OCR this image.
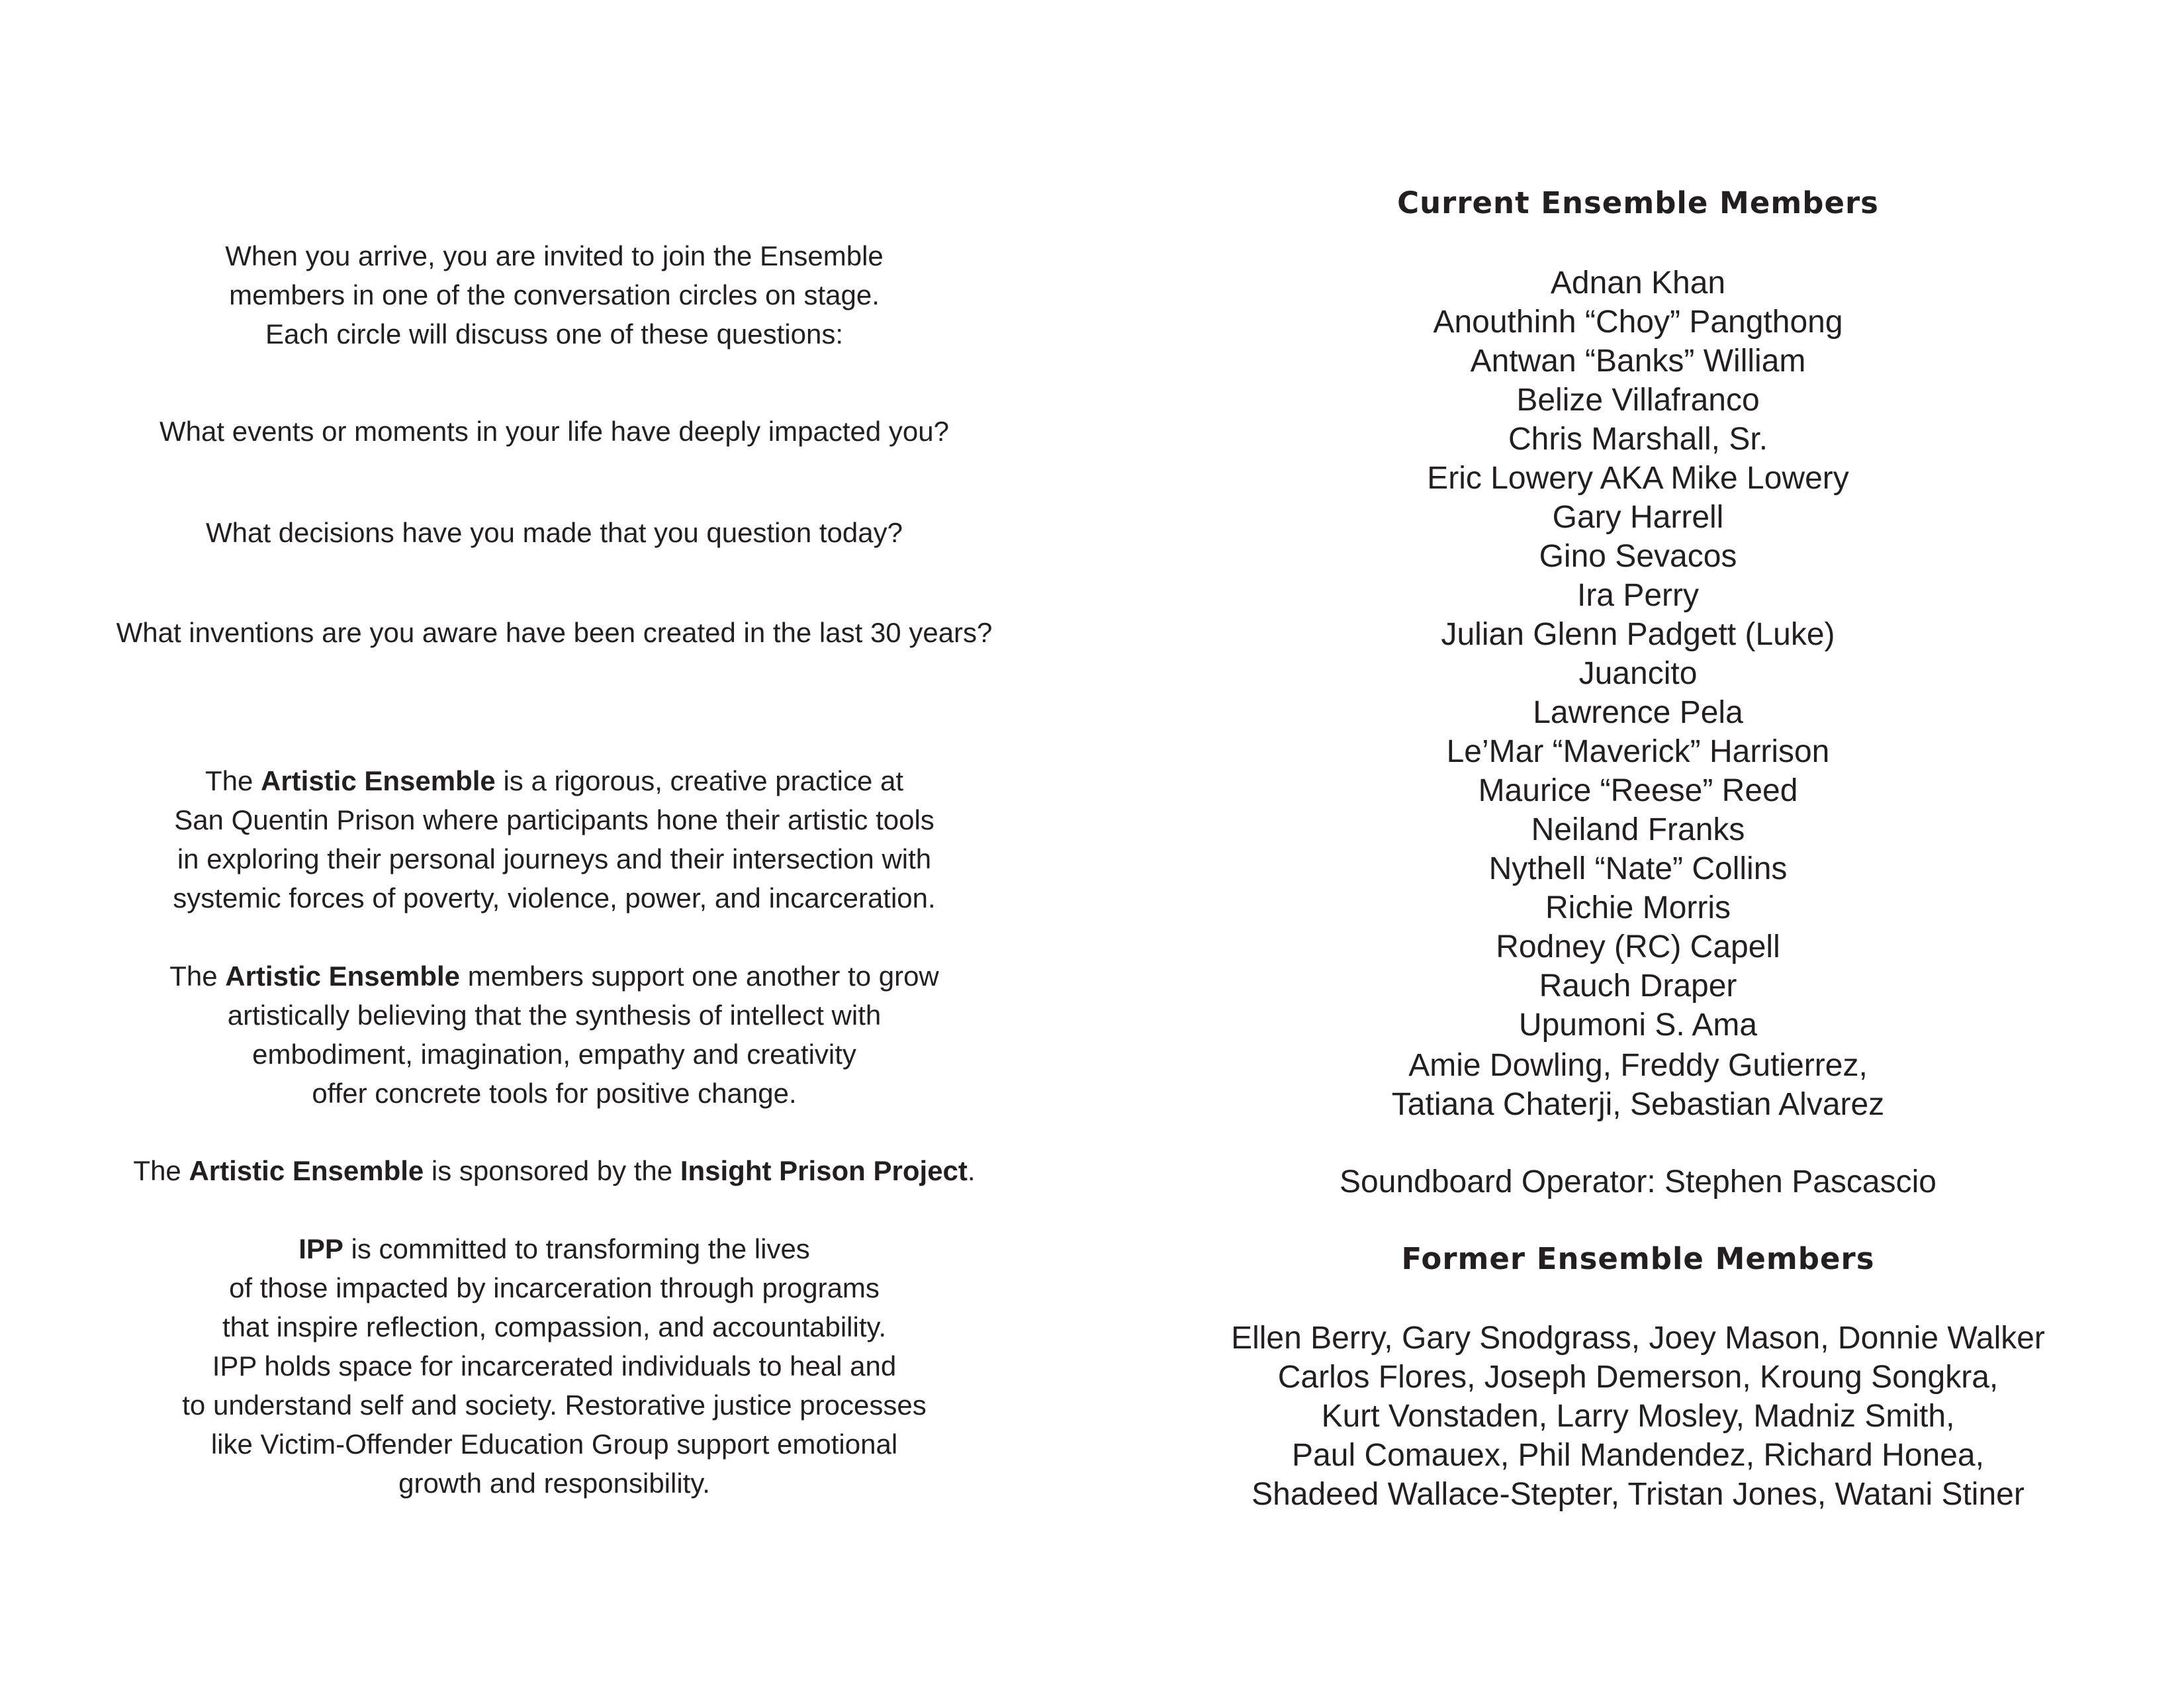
When you arrive, you are invited to join the Ensemble
members in one of the conversation circles on stage.
Each circle will discuss one of these questions:

What events or moments in your life have deeply impacted you?

What decisions have you made that you question today?

What inventions are you aware have been created in the last 30 years?

The Artistic Ensemble is a rigorous, creative practice at
San Quentin Prison where participants hone their artistic tools
in exploring their personal journeys and their intersection with
systemic forces of poverty, violence, power, and incarceration.
The Artistic Ensemble members support one another to grow
artistically believing that the synthesis of intellect with
embodiment, imagination, empathy and creativity
offer concrete tools for positive change.
The Artistic Ensemble is sponsored by the Insight Prison Project.
IPP is committed to transforming the lives
of those impacted by incarceration through programs
that inspire reflection, compassion, and accountability.
IPP holds space for incarcerated individuals to heal and
to understand self and society. Restorative justice processes
like Victim-Offender Education Group support emotional
growth and responsibility.
Current Ensemble Members
Adnan Khan
Anouthinh “Choy” Pangthong
Antwan “Banks” William
Belize Villafranco
Chris Marshall, Sr.
Eric Lowery AKA Mike Lowery
Gary Harrell
Gino Sevacos
Ira Perry
Julian Glenn Padgett (Luke)
Juancito
Lawrence Pela
Le’Mar “Maverick” Harrison
Maurice “Reese” Reed
Neiland Franks
Nythell “Nate” Collins
Richie Morris
Rodney (RC) Capell
Rauch Draper
Upumoni S. Ama
Amie Dowling, Freddy Gutierrez,
Tatiana Chaterji, Sebastian Alvarez

Soundboard Operator: Stephen Pascascio

Former Ensemble Members
Ellen Berry, Gary Snodgrass, Joey Mason, Donnie Walker
Carlos Flores, Joseph Demerson, Kroung Songkra,
Kurt Vonstaden, Larry Mosley, Madniz Smith,
Paul Comauex, Phil Mandendez, Richard Honea,
Shadeed Wallace-Stepter, Tristan Jones, Watani Stiner
